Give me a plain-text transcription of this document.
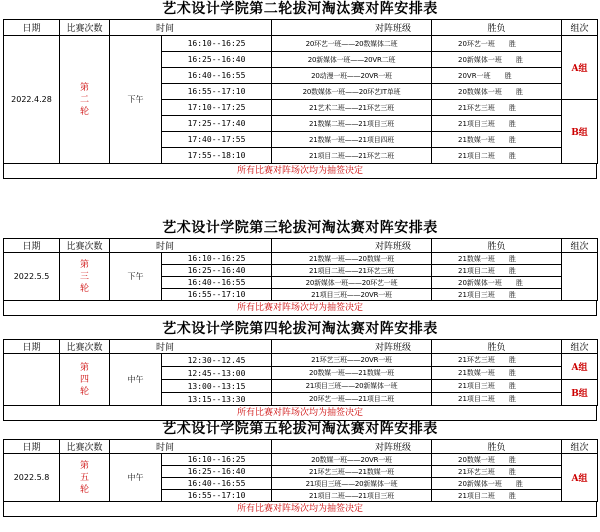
艺术设计学院第二轮拔河淘汰赛对阵安排表
日期	比赛次数	时间		对阵班级	胜负	组次
2022.4.28	第
二
轮	下午	16:10--16:25	20环艺一班——20数媒体二班	20环艺一班　　胜	A组
			16:25--16:40	20新媒体一班——20VR二班	20新媒体一班　　胜	
			16:40--16:55	20动漫一班——20VR一班	20VR一班　　胜	
			16:55--17:10	20数媒体一班——20环艺IT单班	20数媒体一班　　胜	
			17:10--17:25	21艺术二班——21环艺三班	21环艺三班　　胜	B组
			17:25--17:40	21数媒二班——21项目三班	21项目三班　　胜	
			17:40--17:55	21数媒一班——21项目四班	21数媒一班　　胜	
			17:55--18:10	21项目二班——21环艺二班	21项目二班　　胜	
所有比赛对阵场次均为抽签决定
艺术设计学院第三轮拔河淘汰赛对阵安排表
日期	比赛次数	时间		对阵班级	胜负	组次
2022.5.5	第
三
轮	下午	16:10--16:25	21数媒一班——20数媒一班	21数媒一班　　胜	
			16:25--16:40	21项目二班——21环艺三班	21项目二班　　胜	
			16:40--16:55	20新媒体一班——20环艺一班	20新媒体一班　　胜	
			16:55--17:10	21项目三班——20VR一班	21项目三班　　胜	
所有比赛对阵场次均为抽签决定
艺术设计学院第四轮拔河淘汰赛对阵安排表
日期	比赛次数	时间		对阵班级	胜负	组次

	第
四
轮	中午	12:30--12.45	21环艺三班——20VR一班	21环艺三班　　胜	A组
			12:45--13:00	20数媒一班——21数媒一班	21数媒一班　　胜	
			13:00--13:15	21项目三班——20新媒体一班	21项目三班　　胜	B组
			13:15--13:30	20环艺一班——21项目二班	21项目二班　　胜	
所有比赛对阵场次均为抽签决定
艺术设计学院第五轮拔河淘汰赛对阵安排表
日期	比赛次数	时间		对阵班级	胜负	组次
2022.5.8	第
五
轮	中午	16:10--16:25	20数媒一班——20VR一班	20数媒一班　　胜	A组
			16:25--16:40	21环艺三班——21数媒一班	21环艺三班　　胜	
			16:40--16:55	21项目三班——20新媒体一班	20新媒体一班　　胜	
			16:55--17:10	21项目二班——21项目三班	21项目二班　　胜	
所有比赛对阵场次均为抽签决定
